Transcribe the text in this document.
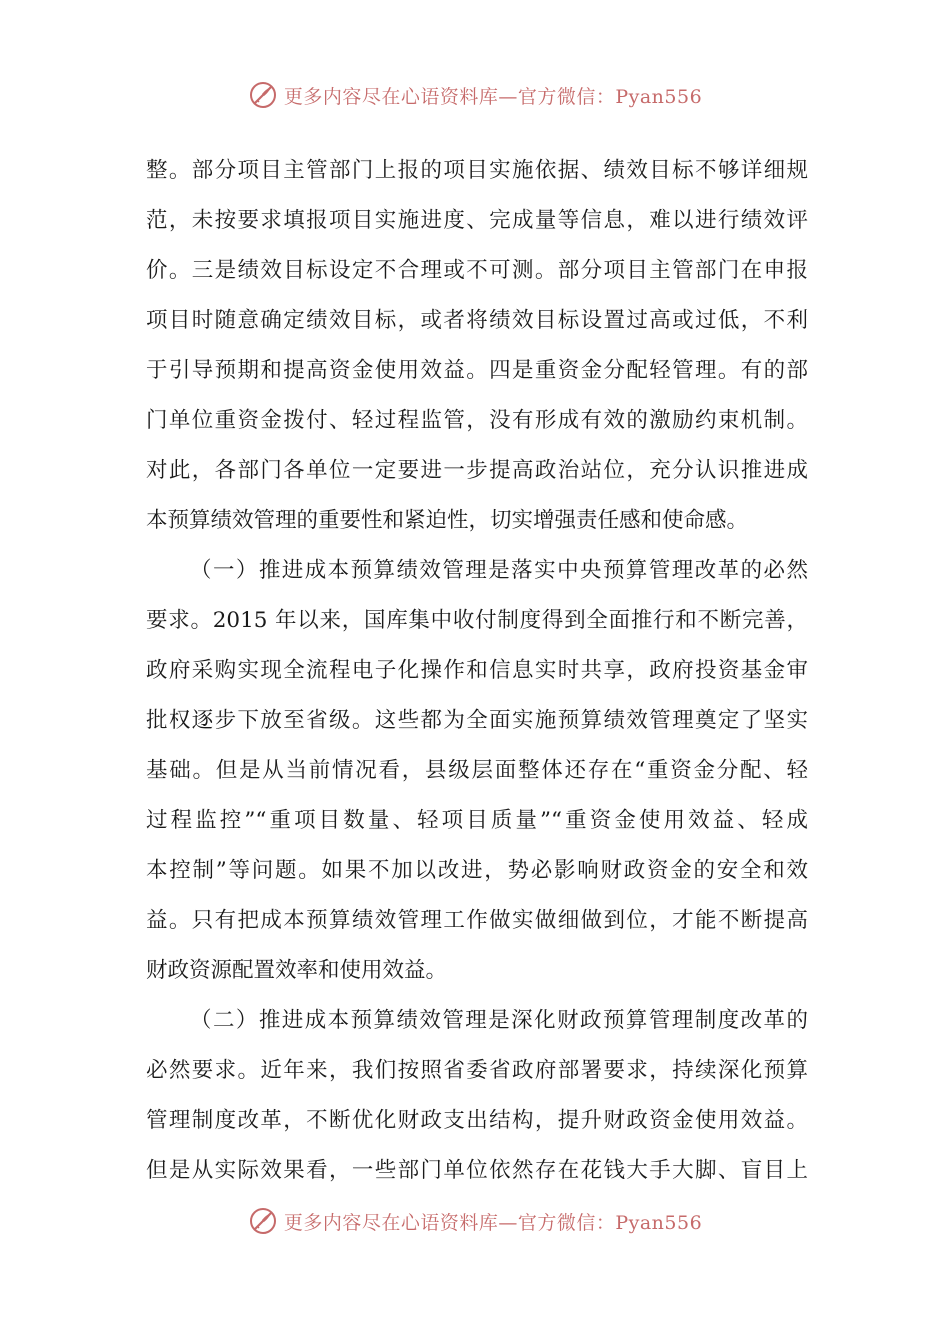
更多内容尽在心语资料库—官方微信：Pyan556
整。部分项目主管部门上报的项目实施依据、绩效目标不够详细规
范，未按要求填报项目实施进度、完成量等信息，难以进行绩效评
价。三是绩效目标设定不合理或不可测。部分项目主管部门在申报
项目时随意确定绩效目标，或者将绩效目标设置过高或过低，不利
于引导预期和提高资金使用效益。四是重资金分配轻管理。有的部
门单位重资金拨付、轻过程监管，没有形成有效的激励约束机制。
对此，各部门各单位一定要进一步提高政治站位，充分认识推进成
本预算绩效管理的重要性和紧迫性，切实增强责任感和使命感。
（一）推进成本预算绩效管理是落实中央预算管理改革的必然
要求。2015 年以来，国库集中收付制度得到全面推行和不断完善，
政府采购实现全流程电子化操作和信息实时共享，政府投资基金审
批权逐步下放至省级。这些都为全面实施预算绩效管理奠定了坚实
基础。但是从当前情况看，县级层面整体还存在“重资金分配、轻
过程监控”“重项目数量、轻项目质量”“重资金使用效益、轻成
本控制”等问题。如果不加以改进，势必影响财政资金的安全和效
益。只有把成本预算绩效管理工作做实做细做到位，才能不断提高
财政资源配置效率和使用效益。
（二）推进成本预算绩效管理是深化财政预算管理制度改革的
必然要求。近年来，我们按照省委省政府部署要求，持续深化预算
管理制度改革，不断优化财政支出结构，提升财政资金使用效益。
但是从实际效果看，一些部门单位依然存在花钱大手大脚、盲目上
更多内容尽在心语资料库—官方微信：Pyan556
